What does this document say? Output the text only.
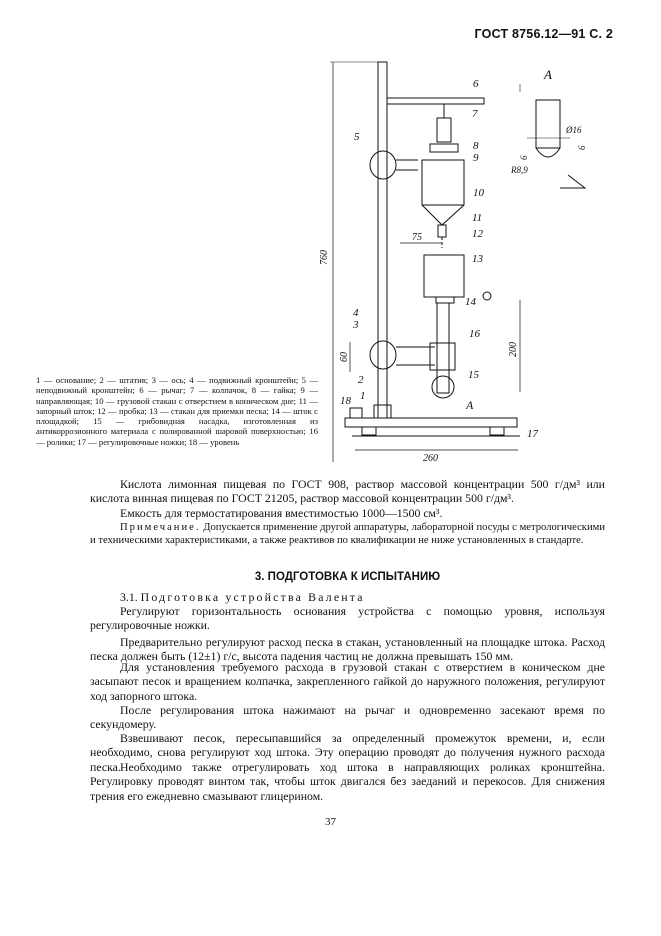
ГОСТ 8756.12—91 С. 2
18 1
2
3
4
5
6
7
8
9
10
11
12
13
14
15
16
17
A
A
760
260
75
60	200
Ø16
R8,9
6
6
1 — основание; 2 — штатив; 3 — ось; 4 — подвижный кронштейн; 5 — неподвижный кронштейн; 6 — рычаг; 7 — колпачок, 8 — гайка; 9 — направляющая; 10 — грузовой стакан с отверстием в коническом дне; 11 — запорный шток; 12 — пробка; 13 — стакан для приемки песка; 14 — шток с площадкой; 15 — грибовидная насадка, изготовленная из антикоррозионного материала с полированной шаровой поверхностью; 16 — ролики; 17 — регулировочные ножки; 18 — уровень

Кислота лимонная пищевая по ГОСТ 908, раствор массовой концентрации 500 г/дм³ или кислота винная пищевая по ГОСТ 21205, раствор массовой концентрации 500 г/дм³.

Емкость для термостатирования вместимостью 1000—1500 см³.

Примечание. Допускается применение другой аппаратуры, лабораторной посуды с метрологическими и техническими характеристиками, а также реактивов по квалификации не ниже установленных в стандарте.

3. ПОДГОТОВКА К ИСПЫТАНИЮ

3.1. Подготовка устройства Валента

Регулируют горизонтальность основания устройства с помощью уровня, используя регулировочные ножки.

Предварительно регулируют расход песка в стакан, установленный на площадке штока. Расход песка должен быть (12±1) г/с, высота падения частиц не должна превышать 150 мм.

Для установления требуемого расхода в грузовой стакан с отверстием в коническом дне засыпают песок и вращением колпачка, закрепленного гайкой до наружного положения, регулируют ход запорного штока.

После регулирования штока нажимают на рычаг и одновременно засекают время по секундомеру.

Взвешивают песок, пересыпавшийся за определенный промежуток времени, и, если необходимо, снова регулируют ход штока. Эту операцию проводят до получения нужного расхода песка. Необходимо также отрегулировать ход штока в направляющих роликах кронштейна. Регулировку проводят винтом так, чтобы шток двигался без заеданий и перекосов. Для снижения трения его ежедневно смазывают глицерином.

37
